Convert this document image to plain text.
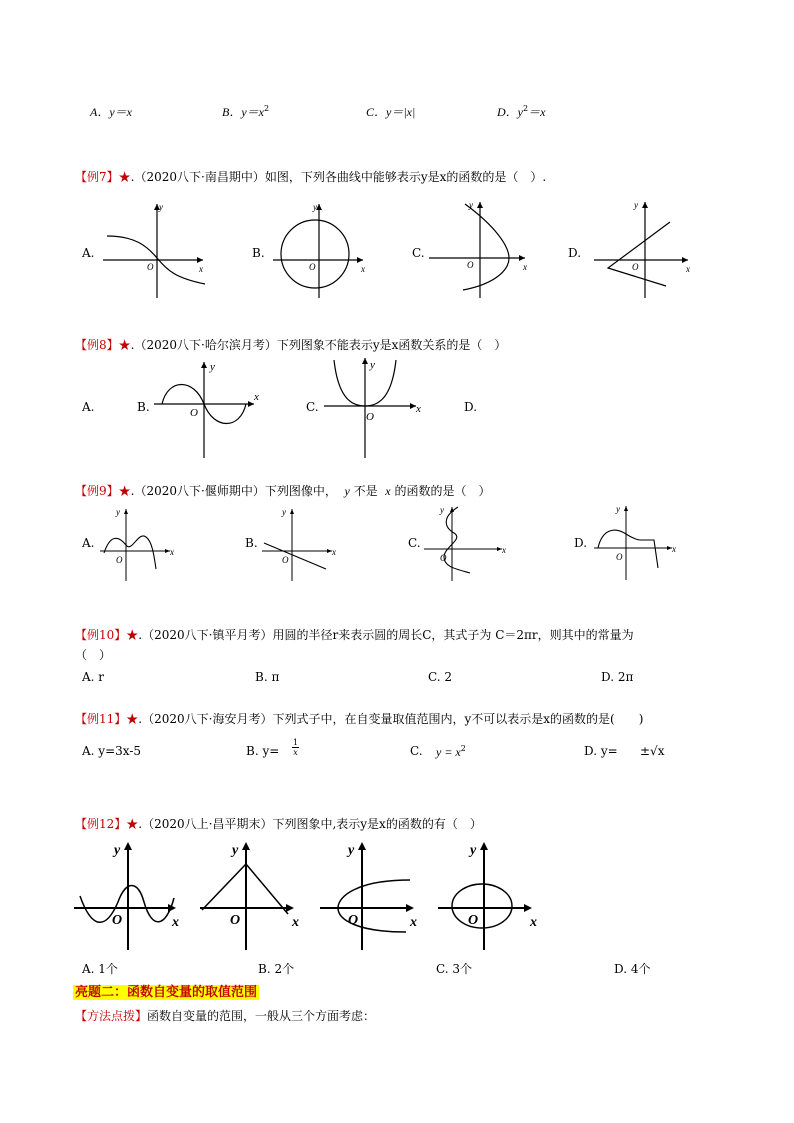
A．y＝x	B．$y=x^2$	C．y＝|x|	D．$y^2=x$
【例7】★.（2020八下·南昌期中）如图，下列各曲线中能够表示y是x的函数的是（　）.
A.	B.	C.	D.
y
x
O
y
x
O
y
x
O
y
x
O
【例8】★.（2020八下·哈尔滨月考）下列图象不能表示y是x函数关系的是（　）
A.	B.	C.	D.
y
x
O
y
x
O
【例9】★.（2020八下·偃师期中）下列图像中， y 不是 x 的函数的是（　）
A.	B.	C.	D.
y
x
O
y
x
O
y
x
O
y
x
O
【例10】★.（2020八下·镇平月考）用圆的半径r来表示圆的周长C，其式子为 C＝2πr，则其中的常量为
（　）
A. r	B. π	C. 2	D. 2π
【例11】★.（2020八下·海安月考）下列式子中，在自变量取值范围内，y不可以表示是x的函数的是(　　)
A. y=3x-5	B. $y= \frac{1}{x}$	C. $y = x^2$	D. y= ±√x
【例12】★.（2020八上·昌平期末）下列图象中,表示y是x的函数的有（　）
y
x
O
y
x
O
y
x
O
y
x
O
A. 1个	B. 2个	C. 3个	D. 4个
亮题二：函数自变量的取值范围
【方法点拨】函数自变量的范围，一般从三个方面考虑：
